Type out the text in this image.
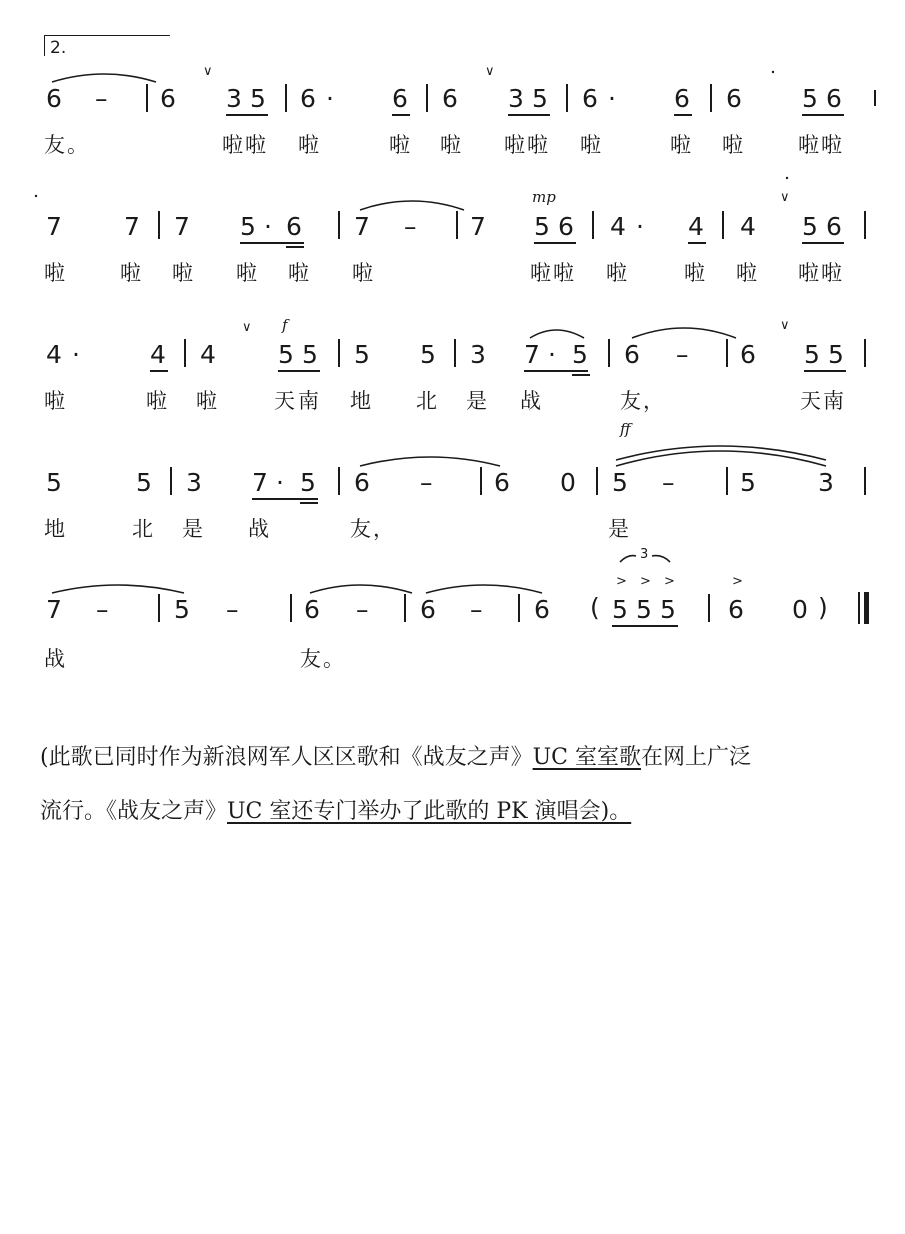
2.
6 – 6
∨
3 5 6 · 6 6
∨
3 5 6 · 6 6 5 6
友。	啦啦 啦	啦 啦 啦啦 啦	啦 啦	啦啦
7 7 7 5 · 6 7 – 7
mp
5 6 4 · 4 4
∨
5 6
啦	啦 啦 啦 啦 啦	啦啦 啦	啦 啦 啦啦
4 ·	4 4
∨ f
5 5 5 5 3 7 · 5 6 – 6
∨
5 5
啦	啦 啦	天 南 地 北 是 战	友，	天南
5	5 3 7 · 5 6 – 6 0
ff
5 –	5 3
地	北 是 战	友，	是
7 –	5 –	6 – 6 – 6 (
3
> > >
5 5 5
>
6 0 )
战	友。
(此歌已同时作为新浪网军人区区歌和《战友之声》UC 室室歌在网上广泛
流行。《战友之声》UC 室还专门举办了此歌的 PK 演唱会)。
